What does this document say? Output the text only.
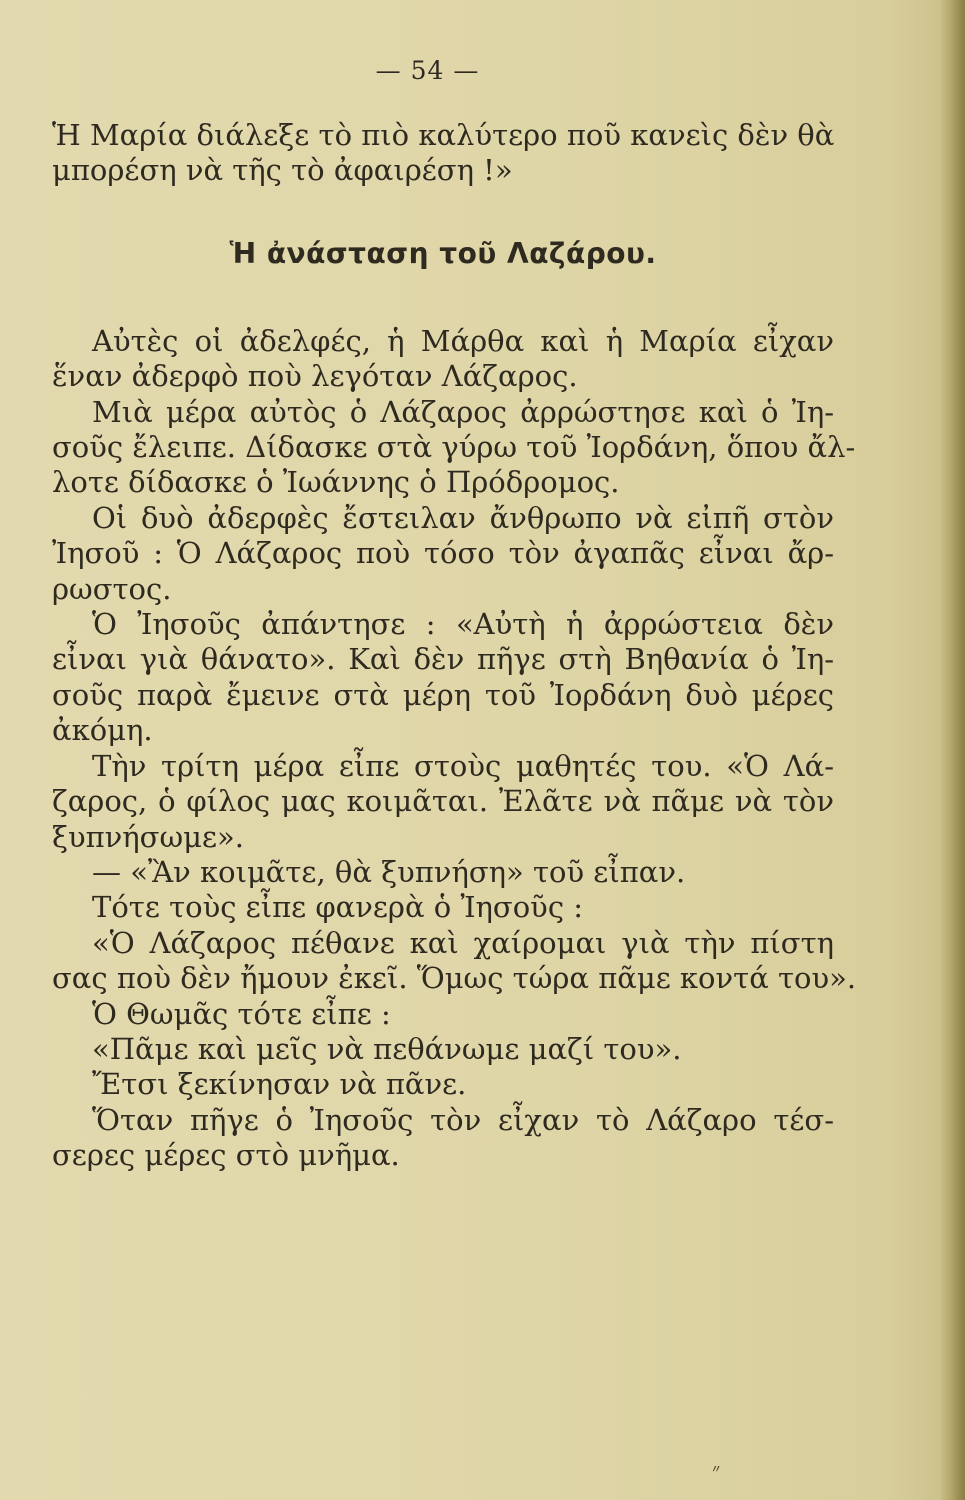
— 54 —
Ἡ Μαρία διάλεξε τὸ πιὸ καλύτερο ποῦ κανεὶς δὲν θὰ
μπορέση νὰ τῆς τὸ ἀφαιρέση !»
Ἡ ἀνάσταση τοῦ Λαζάρου.
Αὐτὲς οἱ ἀδελφές, ἡ Μάρθα καὶ ἡ Μαρία εἶχαν
ἕναν ἀδερφὸ ποὺ λεγόταν Λάζαρος.
Μιὰ μέρα αὐτὸς ὁ Λάζαρος ἀρρώστησε καὶ ὁ Ἰη-
σοῦς ἔλειπε. Δίδασκε στὰ γύρω τοῦ Ἰορδάνη, ὅπου ἄλ-
λοτε δίδασκε ὁ Ἰωάννης ὁ Πρόδρομος.
Οἱ δυὸ ἀδερφὲς ἔστειλαν ἄνθρωπο νὰ εἰπῆ στὸν
Ἰησοῦ : Ὁ Λάζαρος ποὺ τόσο τὸν ἀγαπᾶς εἶναι ἄρ-
ρωστος.
Ὁ Ἰησοῦς ἀπάντησε : «Αὐτὴ ἡ ἀρρώστεια δὲν
εἶναι γιὰ θάνατο». Καὶ δὲν πῆγε στὴ Βηθανία ὁ Ἰη-
σοῦς παρὰ ἔμεινε στὰ μέρη τοῦ Ἰορδάνη δυὸ μέρες
ἀκόμη.
Τὴν τρίτη μέρα εἶπε στοὺς μαθητές του. «Ὁ Λά-
ζαρος, ὁ φίλος μας κοιμᾶται. Ἐλᾶτε νὰ πᾶμε νὰ τὸν
ξυπνήσωμε».
— «Ἂν κοιμᾶτε, θὰ ξυπνήση» τοῦ εἶπαν.
Τότε τοὺς εἶπε φανερὰ ὁ Ἰησοῦς :
«Ὁ Λάζαρος πέθανε καὶ χαίρομαι γιὰ τὴν πίστη
σας ποὺ δὲν ἤμουν ἐκεῖ. Ὅμως τώρα πᾶμε κοντά του».
Ὁ Θωμᾶς τότε εἶπε :
«Πᾶμε καὶ μεῖς νὰ πεθάνωμε μαζί του».
Ἔτσι ξεκίνησαν νὰ πᾶνε.
Ὅταν πῆγε ὁ Ἰησοῦς τὸν εἶχαν τὸ Λάζαρο τέσ-
σερες μέρες στὸ μνῆμα.
״
